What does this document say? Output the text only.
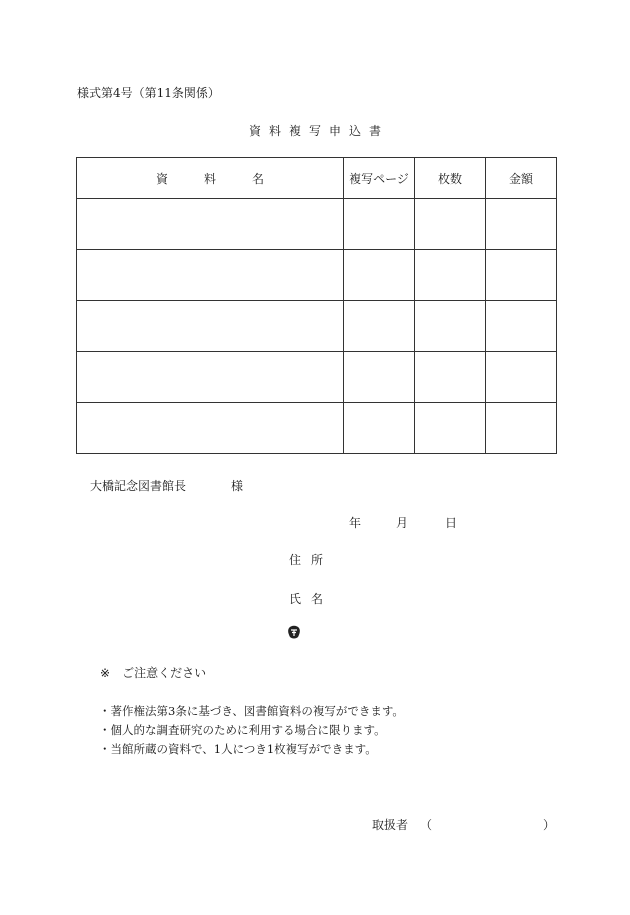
様式第4号（第11条関係）
資料複写申込書
資料名	複写ページ	枚数	金額

大橋記念図書館長	様
年	月	日
住所
氏名
※ ご注意ください
・著作権法第3条に基づき、図書館資料の複写ができます。
・個人的な調査研究のために利用する場合に限ります。
・当館所蔵の資料で、1人につき1枚複写ができます。
取扱者 （	）
